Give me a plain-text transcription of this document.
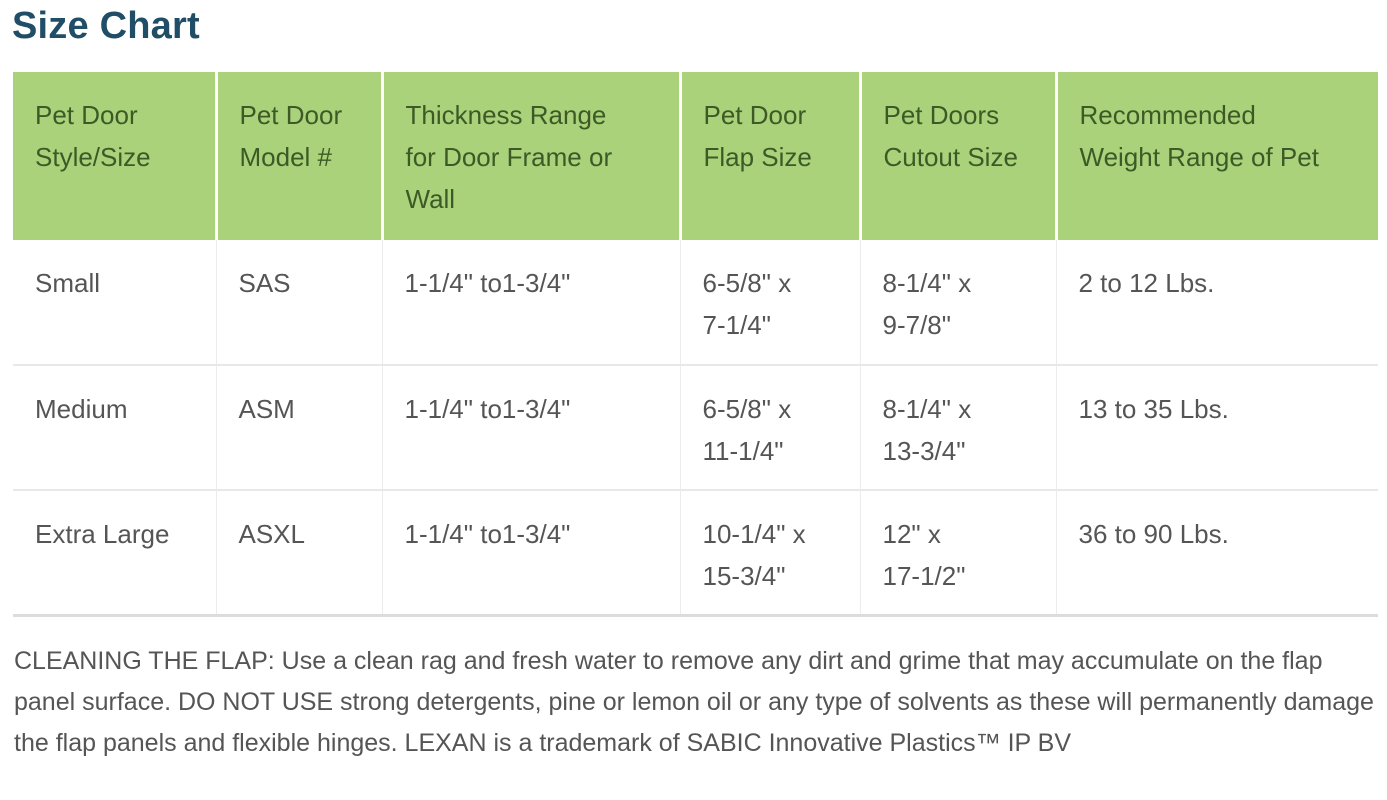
Size Chart
Pet Door
Style/Size	Pet Door
Model #	Thickness Range
for Door Frame or
Wall	Pet Door
Flap Size	Pet Doors
Cutout Size	Recommended
Weight Range of Pet

Small	SAS	1-1/4" to1-3/4"	6-5/8" x
7-1/4"	8-1/4" x
9-7/8"	2 to 12 Lbs.

Medium	ASM	1-1/4" to1-3/4"	6-5/8" x
11-1/4"	8-1/4" x
13-3/4"	13 to 35 Lbs.

Extra Large	ASXL	1-1/4" to1-3/4"	10-1/4" x
15-3/4"	12" x
17-1/2"	36 to 90 Lbs.

CLEANING THE FLAP: Use a clean rag and fresh water to remove any dirt and grime that may accumulate on the flap panel surface. DO NOT USE strong detergents, pine or lemon oil or any type of solvents as these will permanently damage the flap panels and flexible hinges. LEXAN is a trademark of SABIC Innovative Plastics™ IP BV
